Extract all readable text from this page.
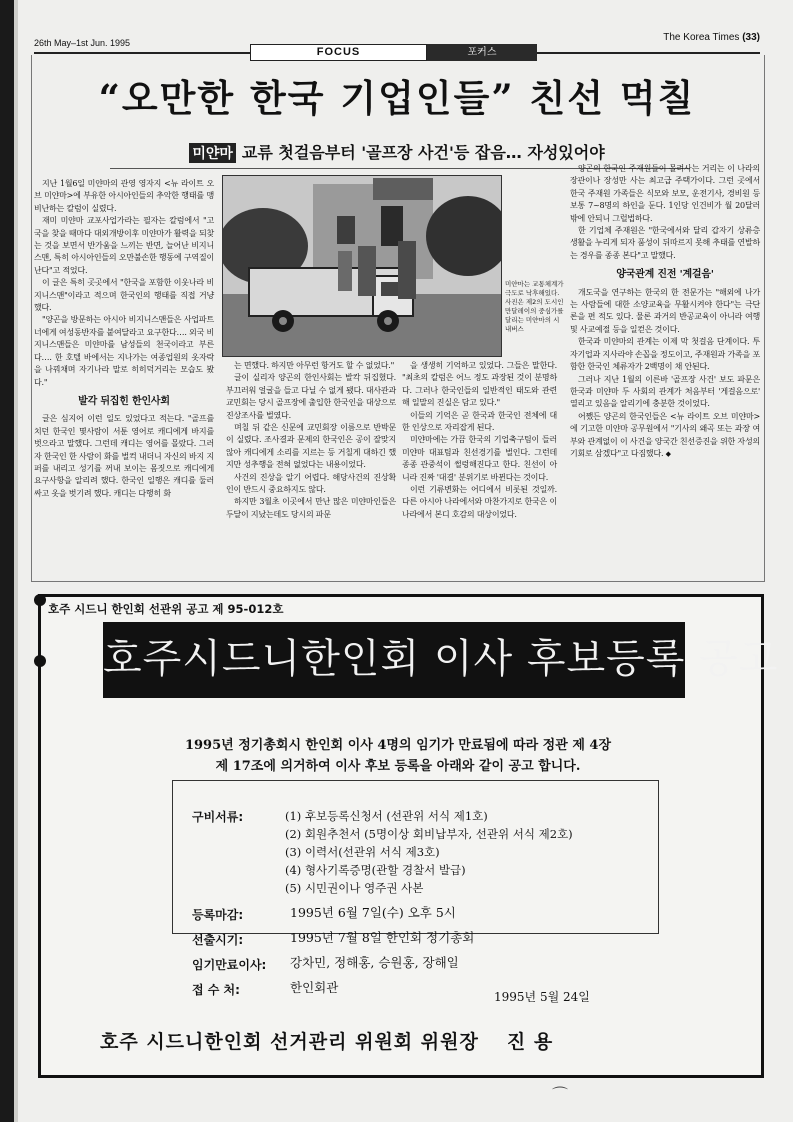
26th May–1st Jun. 1995	The Korea Times (33)
FOCUS	포커스
“오만한 한국 기업인들” 친선 먹칠
미얀마 교류 첫걸음부터 '골프장 사건'등 잡음… 자성있어야

지난 1월6일 미얀마의 관영 영자지 <뉴 라이트 오브 미얀마>에 부유한 아시아인들의 추악한 행태를 맹비난하는 칼럼이 실렸다.

재미 미얀마 교포사업가라는 필자는 칼럼에서 "고국을 찾을 때마다 대외개방이후 미얀마가 활력을 되찾는 것을 보면서 반가움을 느끼는 반면, 늘어난 비지니스맨, 특히 아시아인들의 오만불손한 행동에 구역질이 난다"고 적었다.

이 글은 특히 곳곳에서 "한국을 포함한 이웃나라 비지니스맨"이라고 적으며 한국인의 행태를 직접 거냥했다.

"양곤을 방문하는 아시아 비지니스맨들은 사업파트너에게 여성동반자를 붙여달라고 요구한다…. 외국 비지니스맨들은 미얀마를 남성들의 천국이라고 부른다…. 한 호텔 바에서는 지나가는 여종업원의 옷자락을 나꿔채며 자기나라 말로 히히덕거리는 모습도 봤다."

발각 뒤집힌 한인사회

글은 심지어 이런 일도 있었다고 적는다. "골프를 치던 한국인 몇사람이 서툰 영어로 캐디에게 바지를 벗으라고 말했다. 그런데 캐디는 영어를 몰랐다. 그러자 한국인 한 사람이 화를 벌컥 내더니 자신의 바지 지퍼를 내리고 성기를 꺼내 보이는 몸짓으로 캐디에게 요구사항을 알리려 했다. 한국인 일행은 캐디를 둘러싸고 옷을 벗기려 했다. 캐디는 다행히 화

미얀마는 교통체계가 극도로 낙후해있다. 사진은 제2의 도시인 만달레이의 중심가를 달리는 미얀마의 시내버스

는 면했다. 하지만 아무런 항거도 할 수 없었다."

글이 실리자 양곤의 한인사회는 발칵 뒤집혔다. 부끄러워 얼굴을 들고 다닐 수 없게 됐다. 대사관과 교민회는 당시 골프장에 출입한 한국인을 대상으로 진상조사를 벌였다.

며칠 뒤 같은 신문에 교민회장 이름으로 반박문이 실렸다. 조사결과 문제의 한국인은 공이 잘맞지 않아 캐디에게 소리를 지르는 등 거칠게 대하긴 했지만 성추행을 전혀 없었다는 내용이었다.

사건의 진상을 알기 어렵다. 해당사건의 진상확인이 반드시 중요하지도 않다.

하지만 3월초 이곳에서 만난 많은 미얀마인들은 두달이 지났는데도 당시의 파문

을 생생히 기억하고 있었다. 그들은 말한다. "최초의 칼럼은 어느 정도 과장된 것이 분명하다. 그러나 한국인들의 일반적인 태도와 관련해 일말의 진실은 담고 있다."

이들의 기억은 곧 한국과 한국인 전체에 대한 인상으로 자리잡게 된다.

미얀마에는 가끔 한국의 기업축구팀이 들러 미얀마 대표팀과 친선경기를 벌인다. 그런데 종종 관중석이 썰렁해진다고 한다. 친선이 아니라 진짜 '대결' 분위기로 바뀐다는 것이다.

이런 기류변화는 어디에서 비롯된 것일까. 다른 아시아 나라에서와 마찬가지로 한국은 이 나라에서 본디 호감의 대상이었다.

양곤의 한국인 주재원들이 몰려사는 거리는 이 나라의 장관이나 장성만 사는 최고급 주택가이다. 그런 곳에서 한국 주재원 가족들은 식모와 보모, 운전기사, 경비원 등 보통 7~8명의 하인을 둔다. 1인당 인건비가 월 20달러밖에 안되니 그럴법하다.

한 기업체 주재원은 "한국에서와 달리 갑자기 상류층 생활을 누리게 되자 품성이 뒤따르지 못해 추태를 연발하는 경우를 종종 본다"고 말했다.

양국관계 진전 '계걸음'

개도국을 연구하는 한국의 한 전문가는 "해외에 나가는 사람들에 대한 소양교육을 무활시켜야 한다"는 극단론을 편 적도 있다. 물론 과거의 반공교육이 아니라 여행 및 사교예절 등을 일컫은 것이다.

한국과 미얀마의 관계는 이제 막 첫걸음 단계이다. 투자기업과 지사라야 손꼽을 정도이고, 주재원과 가족을 포함한 한국인 체류자가 2백명이 채 안된다.

그러나 지난 1월의 이른바 '골프장 사건' 보도 파문은 한국과 미얀마 두 사회의 관계가 처음부터 '게걸음으로' 열리고 있음을 알리기에 충분한 것이었다.

어쨌든 양곤의 한국인들은 <뉴 라이트 오브 미얀마>에 기고한 미얀마 공무원에서 "기사의 왜곡 또는 과장 여부와 관계없이 이 사건을 양국간 친선증진을 위한 자성의 기회로 삼겠다"고 다짐했다. ◆

호주 시드니 한인회 선관위 공고 제 95-012호
호주시드니한인회 이사 후보등록 공고
1995년 정기총회시 한인회 이사 4명의 임기가 만료됨에 따라 정관 제 4장
제 17조에 의거하여 이사 후보 등록을 아래와 같이 공고 합니다.
구비서류:	(1) 후보등록신청서 (선관위 서식 제1호)
(2) 회원추천서 (5명이상 회비납부자, 선관위 서식 제2호)
(3) 이력서(선관위 서식 제3호)
(4) 형사기록증명(관할 경찰서 발급)
(5) 시민권이나 영주권 사본
등록마감:	1995년 6월 7일(수) 오후 5시
선출시기:	1995년 7월 8일 한인회 정기총회
임기만료이사: 강차민, 정해홍, 승원홍, 장해일
접 수 처:	한인회관
1995년 5월 24일
호주 시드니한인회 선거관리 위원회 위원장 진 용
⌒
